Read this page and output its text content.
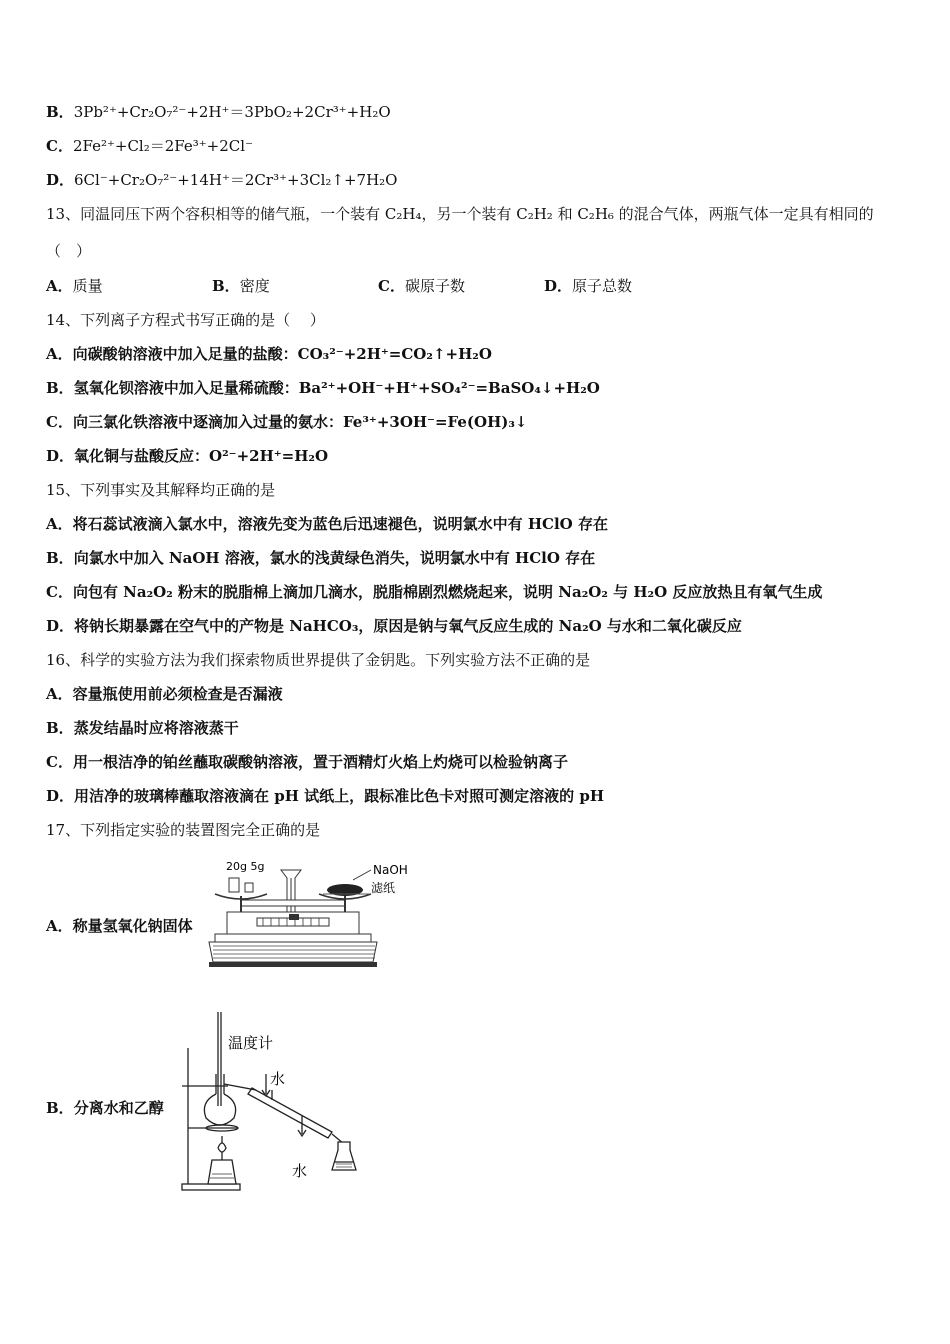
B．3Pb²⁺+Cr₂O₇²⁻+2H⁺＝3PbO₂+2Cr³⁺+H₂O
C．2Fe²⁺+Cl₂＝2Fe³⁺+2Cl⁻
D．6Cl⁻+Cr₂O₇²⁻+14H⁺＝2Cr³⁺+3Cl₂↑+7H₂O
13、同温同压下两个容积相等的储气瓶，一个装有 C₂H₄，另一个装有 C₂H₂ 和 C₂H₆ 的混合气体，两瓶气体一定具有相同的（　）
A．质量	B．密度	C．碳原子数	D．原子总数
14、下列离子方程式书写正确的是（　 ）
A．向碳酸钠溶液中加入足量的盐酸：CO₃²⁻+2H⁺=CO₂↑+H₂O
B．氢氧化钡溶液中加入足量稀硫酸：Ba²⁺+OH⁻+H⁺+SO₄²⁻=BaSO₄↓+H₂O
C．向三氯化铁溶液中逐滴加入过量的氨水：Fe³⁺+3OH⁻=Fe(OH)₃↓
D．氧化铜与盐酸反应：O²⁻+2H⁺=H₂O
15、下列事实及其解释均正确的是
A．将石蕊试液滴入氯水中，溶液先变为蓝色后迅速褪色，说明氯水中有 HClO 存在
B．向氯水中加入 NaOH 溶液，氯水的浅黄绿色消失，说明氯水中有 HClO 存在
C．向包有 Na₂O₂ 粉末的脱脂棉上滴加几滴水，脱脂棉剧烈燃烧起来，说明 Na₂O₂ 与 H₂O 反应放热且有氧气生成
D．将钠长期暴露在空气中的产物是 NaHCO₃，原因是钠与氧气反应生成的 Na₂O 与水和二氧化碳反应
16、科学的实验方法为我们探索物质世界提供了金钥匙。下列实验方法不正确的是
A．容量瓶使用前必须检查是否漏液
B．蒸发结晶时应将溶液蒸干
C．用一根洁净的铂丝蘸取碳酸钠溶液，置于酒精灯火焰上灼烧可以检验钠离子
D．用洁净的玻璃棒蘸取溶液滴在 pH 试纸上，跟标准比色卡对照可测定溶液的 pH
17、下列指定实验的装置图完全正确的是
A．称量氢氧化钠固体
20g 5g	NaOH
滤纸
B．分离水和乙醇
温度计
水
水
